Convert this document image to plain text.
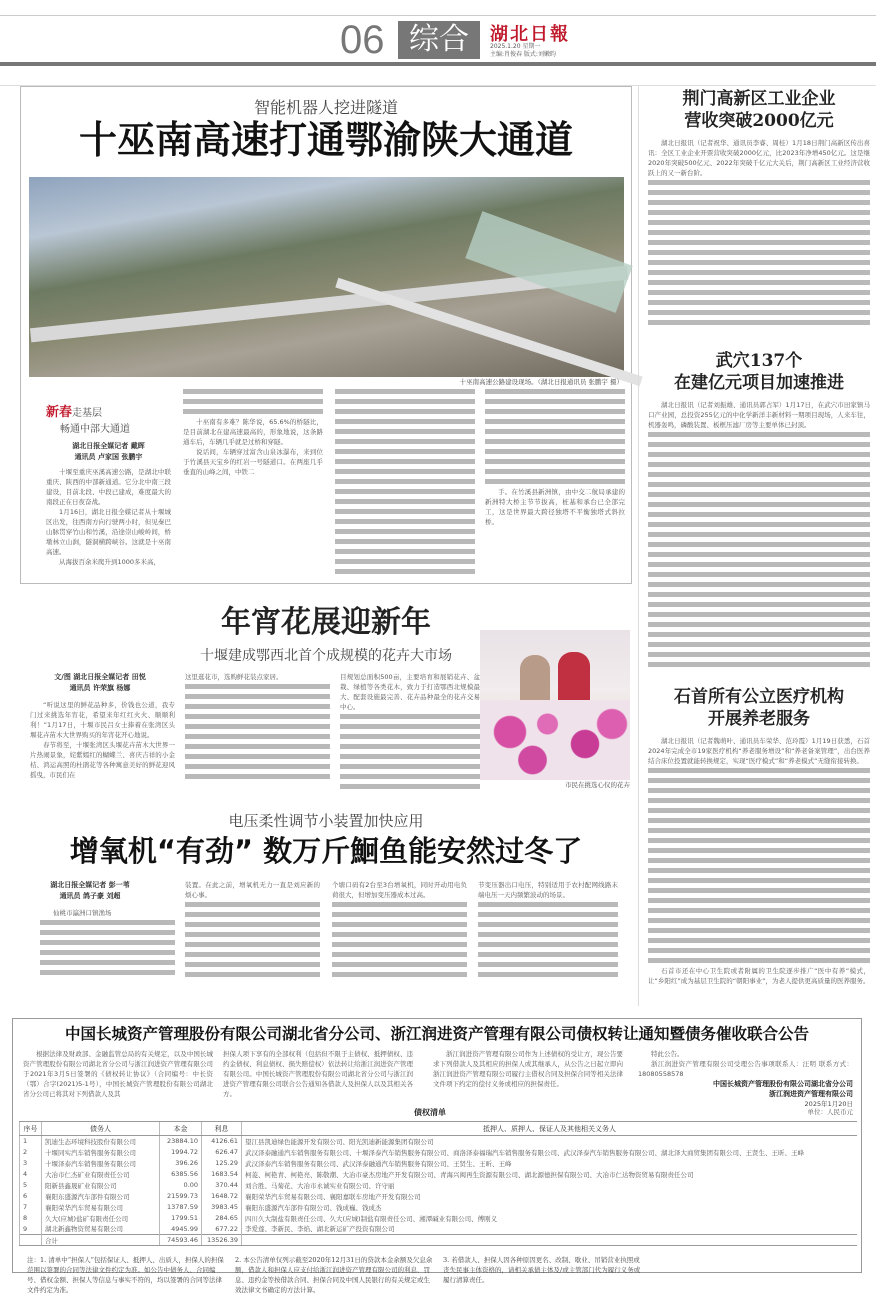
06 综合	湖北日報
2025.1.20 星期一
主编:肖俊春 版式:刘嫩昀
智能机器人挖进隧道
十巫南高速打通鄂渝陕大通道
十巫南高速公路建设现场。（湖北日报通讯员 张鹏宇 摄）
新春走基层
畅通中部大通道
湖北日报全媒记者 戴晖
通讯员 卢家国 张鹏宇

十堰至重庆巫溪高速公路，是湖北中联重庆、陕西的中部新通道。它分北中南三段建设，目前北段、中段已建成，难度最大的南段正在日夜奋战。

1月16日，湖北日报全媒记者从十堰城区出发，往西南方向行驶两小时，但见秦巴山脉贯穿竹山和竹溪，沿途崇山峻岭间，桥墩林立山涧，隧洞横跨峡谷。这就是十巫南高速。

从海拔百余米爬升到1000多米高，

十巫南有多难？陈华说，65.6%的桥隧比，是目前湖北在建高速最高的，形象地说，这条路通车后，车辆几乎就是过桥和穿隧。

说话间，车辆穿过富含山泉冰瀑布，来到位于竹溪县天宝乡的红岩一号隧道口。在两座几乎垂直的山峰之间，中铁二

手。在竹溪县新洲镇，由中交二航局承建的新洲特大桥主节节拔高，桩基和承台已全部完工，这是世界最大跨径独塔不平衡独塔式斜拉桥。

年宵花展迎新年
十堰建成鄂西北首个成规模的花卉大市场
文/图 湖北日报全媒记者 田悦
通讯员 许荣旗 杨娜

“听说这里的鲜花品种多，价钱也公道，我专门过来挑选年宵花，希望来年红红火火、顺顺利利！”1月17日，十堰市民吕女士捧着在张湾区头堰花卉苗木大世界购买的年宵花开心地说。

春节将至，十堰张湾区头堰花卉苗木大世界一片热闹景象，姹紫嫣红的蝴蝶兰、喜庆吉祥的小金桔、鸿运高照的杜鹃花等各种寓意美好的鲜花迎风摇曳，市民们在

这里逛花市，选购鲜花装点家居。	目规划总面积500亩，主要培育和展销花卉、盆栽、绿植等各类花木，致力于打造鄂西北规模最大、配套设施最完善、花卉品种最全的花卉交易中心。

市民在挑选心仪的花卉
电压柔性调节小装置加快应用
增氧机“有劲” 数万斤鮰鱼能安然过冬了
湖北日报全媒记者 彭一苇
通讯员 鸽子豪 刘超

仙桃市瀛洲口镇渔场

装置。在此之前，增氧机无力一直是刘应新的烦心事。

个塘口码有2台至3台增氧机，同时开动用电负荷很大，但增加变压器成本过高。

节变压器出口电压，特别适用于农村配网线路末端电压一天内频繁波动的场景。

荆门高新区工业企业
营收突破2000亿元

湖北日报讯（记者祝华、通讯员李睿、周桂）1月18日荆门高新区传出喜讯：全区工业企业开票营收突破2000亿元，比2023年净增450亿元。这是继2020年突破500亿元、2022年突破千亿元大关后，荆门高新区工业经济营收跃上的又一新台阶。

武穴137个
在建亿元项目加速推进

湖北日报讯（记者刘振雄、通讯员郭占军）1月17日，在武穴市田家镇马口产业园，总投资255亿元的中化学新洋丰新材料一期项目现场，人来车往，机器轰鸣，磷酸装置、板框压滤厂房等主要单体已封顶。

石首所有公立医疗机构
开展养老服务

湖北日报讯（记者魏萌叶、通讯员车荣华、范玲霞）1月19日获悉，石首2024年完成全市19家医疗机构“养老服务增设”和“养老备案管理”，出台医养结合床位投置就能转换规定，实现“医疗模式”和“养老模式”无缝衔接转换。

石首市还在中心卫生院或者附属的卫生院逐步推广“医中有养”模式，让“乡阳红”成为基层卫生院的“朝阳事业”，为老人提供更高质量的医养服务。

中国长城资产管理股份有限公司湖北省分公司、浙江润进资产管理有限公司债权转让通知暨债务催收联合公告

根据法律及财政部、金融监管总局的有关规定，以及中国长城资产管理股份有限公司湖北省分公司与浙江润进资产管理有限公司于2021年3月5日签署的《债权转让协议》（合同编号：中长资（鄂）合字(2021)5-1号），中国长城资产管理股份有限公司湖北省分公司已将其对下列借款人及其

担保人项下享有的全部权利（包括但不限于主债权、抵押债权、违约金债权、利息债权、损失赔偿权）依法转让给浙江润进资产管理有限公司。中国长城资产管理股份有限公司湖北省分公司与浙江润进资产管理有限公司联合公告通知各借款人及担保人以及其相关各方。

浙江润进资产管理有限公司作为上述债权的受让方，现公告要求下列借款人及其相应的担保人或其继承人，从公告之日起立即向浙江润进资产管理有限公司履行主借权合同及担保合同等相关法律文件项下约定的偿付义务或相应的担保责任。

特此公告。

浙江润进资产管理有限公司受理公告事项联系人：汪明 联系方式：18080558578

中国长城资产管理股份有限公司湖北省分公司
浙江润进资产管理有限公司
2025年1月20日
债权清单	单位：人民币元
序号	债务人	本金	利息	抵押人、质押人、保证人及其他相关义务人
1	凯迪生态环境科技股份有限公司	23884.10	4126.61	望江县凯迪绿色能源开发有限公司、阳光凯迪新能源集团有限公司
2	十堰同实汽车销售服务有限公司	1994.72	626.47	武汉泽泰融通汽车销售服务有限公司、十堰泽泰汽车销售服务有限公司、商洛泽泰福瑞汽车销售服务有限公司、武汉泽泰汽车销售服务有限公司、湖北泽大商贸集团有限公司、王贤生、王昕、王峰
3	十堰泽泰汽车销售服务有限公司	396.26	125.29	武汉泽泰汽车销售服务有限公司、武汉泽泰融通汽车销售服务有限公司、王贤生、王昕、王峰
4	大冶市仁杰矿业有限责任公司	6385.56	1683.54	柯菱、柯艳青、柯艳亮、陈敬潮、大冶市豪杰房地产开发有限公司、青海兴闽再生资源有限公司、湖北源德担保有限公司、大冶市仁达物资贸易有限责任公司
5	阳新县鑫晟矿业有限公司	0.00	370.44	刘合胜、马菊花、大冶市永诚实业有限公司、许守丽
6	襄阳东盛源汽车部件有限公司	21599.73	1648.72	襄阳荣华汽车贸易有限公司、襄阳嘉联车房地产开发有限公司
7	襄阳荣华汽车贸易有限公司	13787.59	3983.45	襄阳东盛源汽车部件有限公司、钱成巍、钱成杰
8	久大(应城)盐矿有限责任公司	1799.51	284.65	四川久大制盐有限责任公司、久大(应城)制盐有限责任公司、湘潭碱业有限公司、傅刚义
9	湖北新鑫物资贸易有限公司	4945.99	677.22	李爱莲、李新民、李焰、湖北新运矿产投资有限公司
	合计	74593.46	13526.39	
注：1. 清单中“担保人”包括保证人、抵押人、出质人，担保人的担保范围以签署的合同等法律文件约定为准。如公告中债务人、合同编号、借权金额、担保人等信息与事实不符的，均以签署的合同等法律文件约定为准。
2. 本公告清单仅列示截至2020年12月31日的贷款本金余额及欠息余额，借款人和担保人应支付给浙江润进资产管理有限公司的利息、罚息、违约金等按借款合同、担保合同及中国人民银行的有关规定或生效法律文书确定的方法计算。
3. 若借款人、担保人因各种原因更名、改制、歇业、吊销营业执照或丧失民事主体资格的，请相关承债主体及/或主管部门代为履行义务或履行清算责任。
